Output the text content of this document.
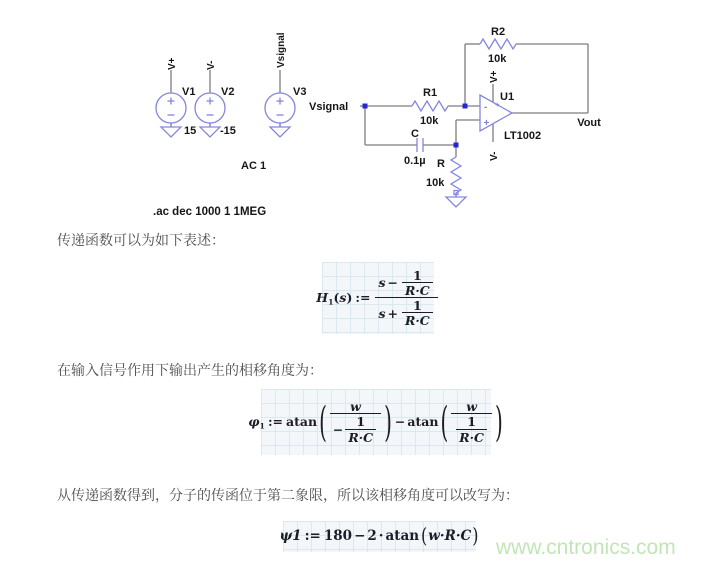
V+
V1
15
V-
V2
-15
Vsignal
V3
AC 1
.ac dec 1000 1 1MEG
Vsignal
Vout
R1
10k
R2
10k
C
0.1µ R
10k
-
+
+
-
V+
V-
U1
LT1002

传递函数可以为如下表述：

H 1 ( s ) := $\frac{s - \frac{1}{R\cdot C}}{s + \frac{1}{R\cdot C}}$

在输入信号作用下输出产生的相移角度为：

φ 1 := atan ( $\frac{w}{- \frac{1}{R\cdot C}}$ ) − atan ( $\frac{w}{\frac{1}{R\cdot C}}$ )

从传递函数得到，分子的传函位于第二象限，所以该相移角度可以改写为：

ψ1 := 180 − 2 · atan ( w·R·C ) www.cntronics.com
